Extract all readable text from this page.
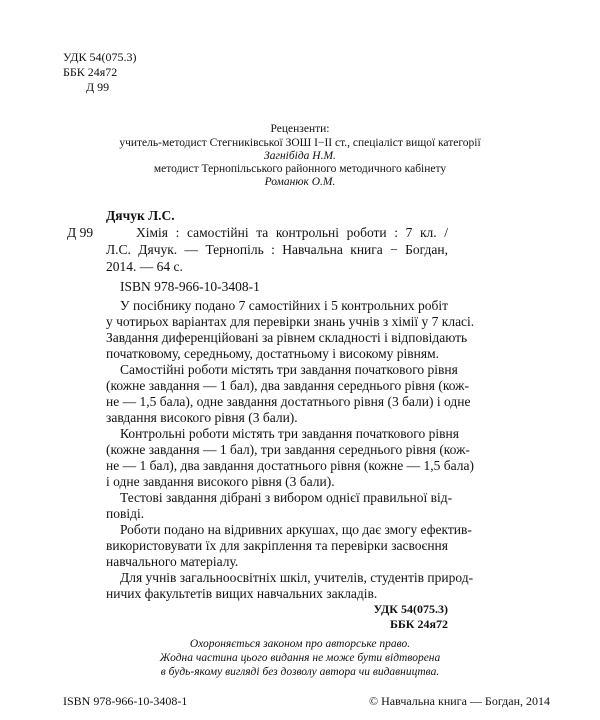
УДК 54(075.3)
ББК 24я72
Д 99
Рецензенти:
учитель-методист Стегниківської ЗОШ І−ІІ ст., спеціаліст вищої категорії
Загнібіда Н.М.
методист Тернопільського районного методичного кабінету
Романюк О.М.
Дячук Л.С.
Д 99	Хімія : самостійні та контрольні роботи : 7 кл. /
Л.С. Дячук. — Тернопіль : Навчальна книга − Богдан,
2014. — 64 с.
ISBN 978-966-10-3408-1
У посібнику подано 7 самостійних і 5 контрольних робіт
у чотирьох варіантах для перевірки знань учнів з хімії у 7 класі.
Завдання диференційовані за рівнем складності і відповідають
початковому, середньому, достатньому і високому рівням.
Самостійні роботи містять три завдання початкового рівня
(кожне завдання — 1 бал), два завдання середнього рівня (кож-
не — 1,5 бала), одне завдання достатнього рівня (3 бали) і одне
завдання високого рівня (3 бали).
Контрольні роботи містять три завдання початкового рівня
(кожне завдання — 1 бал), три завдання середнього рівня (кож-
не — 1 бал), два завдання достатнього рівня (кожне — 1,5 бала)
і одне завдання високого рівня (3 бали).
Тестові завдання дібрані з вибором однієї правильної від-
повіді.
Роботи подано на відривних аркушах, що дає змогу ефектив-
використовувати їх для закріплення та перевірки засвоєння
навчального матеріалу.
Для учнів загальноосвітніх шкіл, учителів, студентів природ-
ничих факультетів вищих навчальних закладів.
УДК 54(075.3)
ББК 24я72
Охороняється законом про авторське право.
Жодна частина цього видання не може бути відтворена
в будь-якому вигляді без дозволу автора чи видавництва.
ISBN 978-966-10-3408-1	© Навчальна книга — Богдан, 2014
